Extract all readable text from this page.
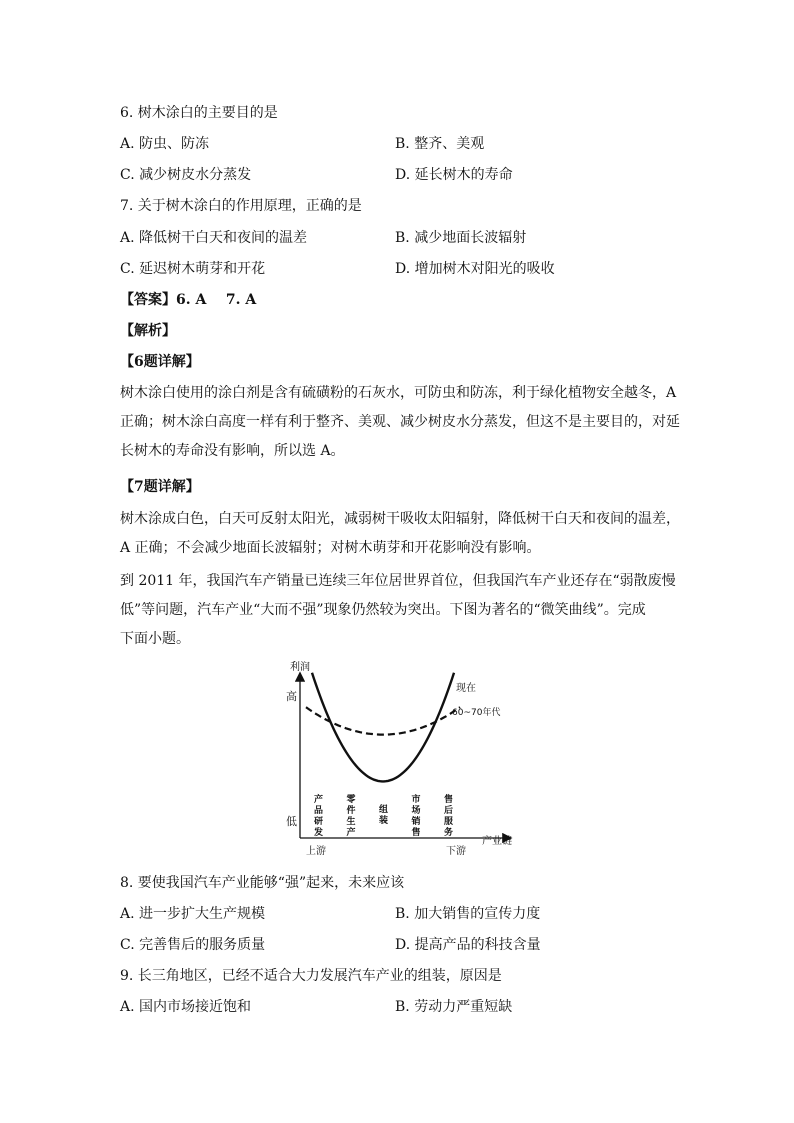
6. 树木涂白的主要目的是
A. 防虫、防冻	B. 整齐、美观
C. 减少树皮水分蒸发	D. 延长树木的寿命
7. 关于树木涂白的作用原理，正确的是
A. 降低树干白天和夜间的温差	B. 减少地面长波辐射
C. 延迟树木萌芽和开花	D. 增加树木对阳光的吸收
【答案】6. A    7. A
【解析】
【6题详解】
树木涂白使用的涂白剂是含有硫磺粉的石灰水，可防虫和防冻，利于绿化植物安全越冬，A
正确；树木涂白高度一样有利于整齐、美观、减少树皮水分蒸发，但这不是主要目的，对延
长树木的寿命没有影响，所以选 A。
【7题详解】
树木涂成白色，白天可反射太阳光，减弱树干吸收太阳辐射，降低树干白天和夜间的温差，
A 正确；不会减少地面长波辐射；对树木萌芽和开花影响没有影响。
到 2011 年，我国汽车产销量已连续三年位居世界首位，但我国汽车产业还存在“弱散废慢
低”等问题，汽车产业“大而不强”现象仍然较为突出。下图为著名的“微笑曲线”。完成
下面小题。
利润
高
低
产业链
上游	下游
现在
60~70年代
产品研发
零件生产
组装
市场销售
售后服务
8. 要使我国汽车产业能够“强”起来，未来应该
A. 进一步扩大生产规模	B. 加大销售的宣传力度
C. 完善售后的服务质量	D. 提高产品的科技含量
9. 长三角地区，已经不适合大力发展汽车产业的组装，原因是
A. 国内市场接近饱和	B. 劳动力严重短缺
